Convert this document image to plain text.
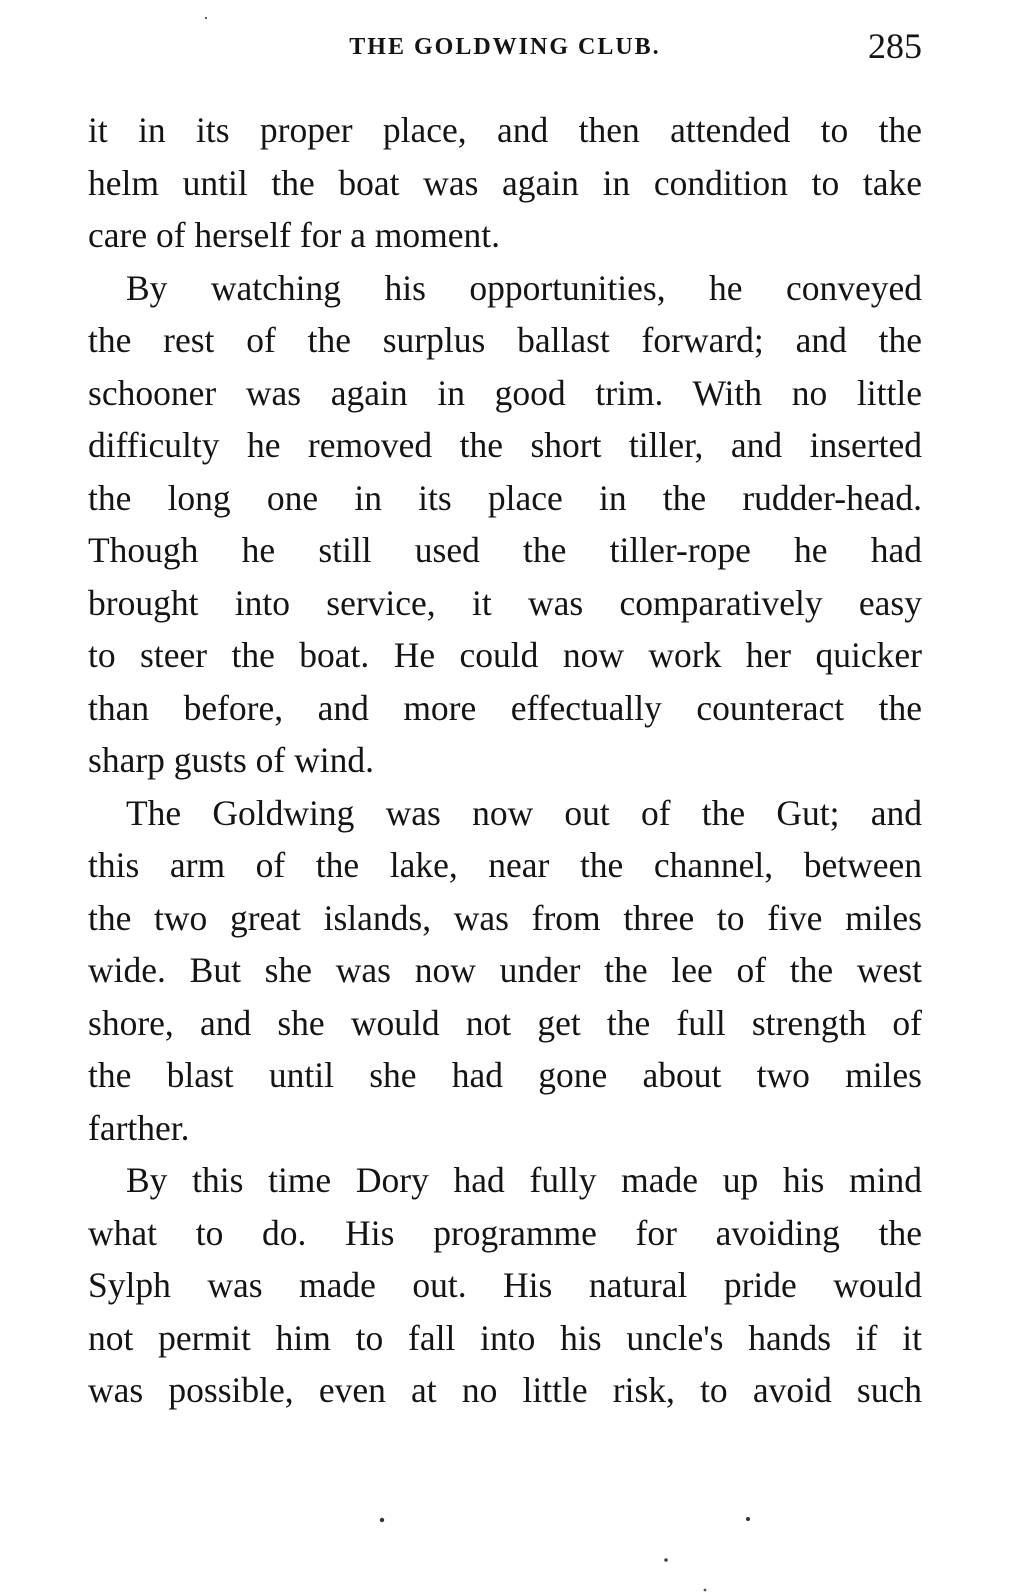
THE GOLDWING CLUB.	285
it in its proper place, and then attended to the
helm until the boat was again in condition to take
care of herself for a moment.
By watching his opportunities, he conveyed
the rest of the surplus ballast forward; and the
schooner was again in good trim. With no little
difficulty he removed the short tiller, and inserted
the long one in its place in the rudder-head.
Though he still used the tiller-rope he had
brought into service, it was comparatively easy
to steer the boat. He could now work her quicker
than before, and more effectually counteract the
sharp gusts of wind.
The Goldwing was now out of the Gut; and
this arm of the lake, near the channel, between
the two great islands, was from three to five miles
wide. But she was now under the lee of the west
shore, and she would not get the full strength of
the blast until she had gone about two miles
farther.
By this time Dory had fully made up his mind
what to do. His programme for avoiding the
Sylph was made out. His natural pride would
not permit him to fall into his uncle's hands if it
was possible, even at no little risk, to avoid such
